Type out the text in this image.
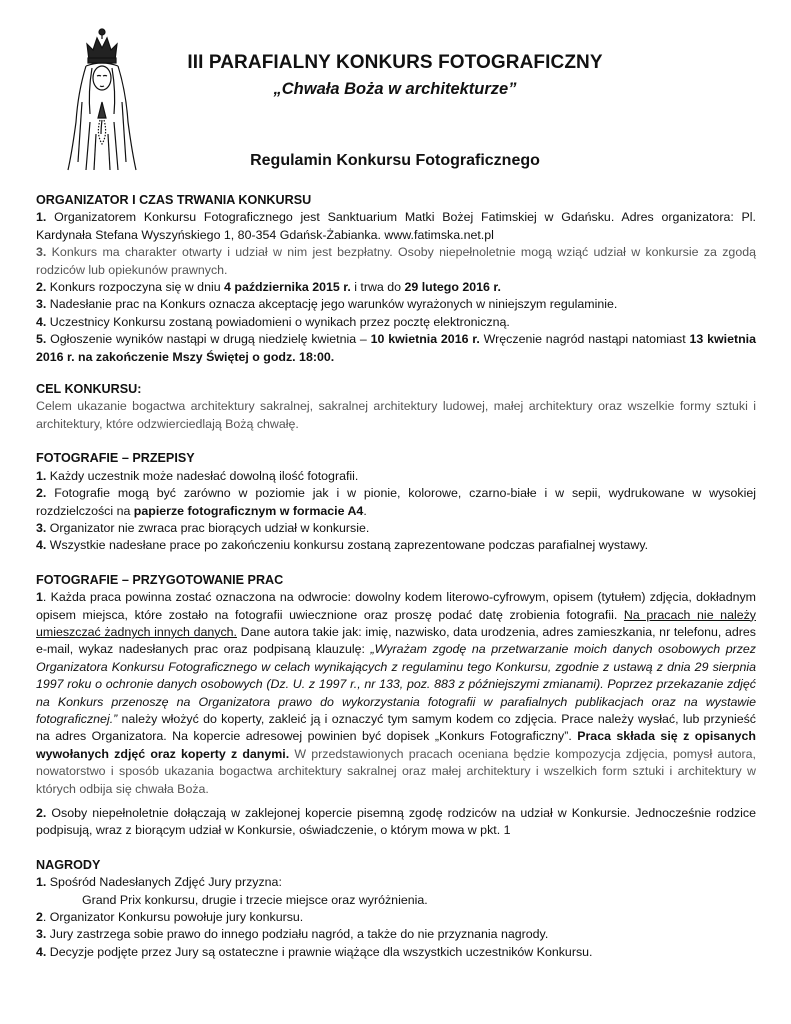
III PARAFIALNY KONKURS FOTOGRAFICZNY
„Chwała Boża w architekturze”
Regulamin Konkursu Fotograficznego
ORGANIZATOR I CZAS TRWANIA KONKURSU

1. Organizatorem Konkursu Fotograficznego jest Sanktuarium Matki Bożej Fatimskiej w Gdańsku. Adres organizatora: Pl. Kardynała Stefana Wyszyńskiego 1, 80-354 Gdańsk-Żabianka. www.fatimska.net.pl

3. Konkurs ma charakter otwarty i udział w nim jest bezpłatny. Osoby niepełnoletnie mogą wziąć udział w konkursie za zgodą rodziców lub opiekunów prawnych.

2. Konkurs rozpoczyna się w dniu 4 października 2015 r. i trwa do 29 lutego 2016 r.

3. Nadesłanie prac na Konkurs oznacza akceptację jego warunków wyrażonych w niniejszym regulaminie.

4. Uczestnicy Konkursu zostaną powiadomieni o wynikach przez pocztę elektroniczną.

5. Ogłoszenie wyników nastąpi w drugą niedzielę kwietnia – 10 kwietnia 2016 r. Wręczenie nagród nastąpi natomiast 13 kwietnia 2016 r. na zakończenie Mszy Świętej o godz. 18:00.

CEL KONKURSU:

Celem ukazanie bogactwa architektury sakralnej, sakralnej architektury ludowej, małej architektury oraz wszelkie formy sztuki i architektury, które odzwierciedlają Bożą chwałę.

FOTOGRAFIE – PRZEPISY

1. Każdy uczestnik może nadesłać dowolną ilość fotografii.

2. Fotografie mogą być zarówno w poziomie jak i w pionie, kolorowe, czarno-białe i w sepii, wydrukowane w wysokiej rozdzielczości na papierze fotograficznym w formacie A4.

3. Organizator nie zwraca prac biorących udział w konkursie.

4. Wszystkie nadesłane prace po zakończeniu konkursu zostaną zaprezentowane podczas parafialnej wystawy.

FOTOGRAFIE – PRZYGOTOWANIE PRAC

1. Każda praca powinna zostać oznaczona na odwrocie: dowolny kodem literowo-cyfrowym, opisem (tytułem) zdjęcia, dokładnym opisem miejsca, które zostało na fotografii uwiecznione oraz proszę podać datę zrobienia fotografii. Na pracach nie należy umieszczać żadnych innych danych. Dane autora takie jak: imię, nazwisko, data urodzenia, adres zamieszkania, nr telefonu, adres e-mail, wykaz nadesłanych prac oraz podpisaną klauzulę: „Wyrażam zgodę na przetwarzanie moich danych osobowych przez Organizatora Konkursu Fotograficznego w celach wynikających z regulaminu tego Konkursu, zgodnie z ustawą z dnia 29 sierpnia 1997 roku o ochronie danych osobowych (Dz. U. z 1997 r., nr 133, poz. 883 z późniejszymi zmianami). Poprzez przekazanie zdjęć na Konkurs przenoszę na Organizatora prawo do wykorzystania fotografii w parafialnych publikacjach oraz na wystawie fotograficznej.” należy włożyć do koperty, zakleić ją i oznaczyć tym samym kodem co zdjęcia. Prace należy wysłać, lub przynieść na adres Organizatora. Na kopercie adresowej powinien być dopisek „Konkurs Fotograficzny”. Praca składa się z opisanych wywołanych zdjęć oraz koperty z danymi. W przedstawionych pracach oceniana będzie kompozycja zdjęcia, pomysł autora, nowatorstwo i sposób ukazania bogactwa architektury sakralnej oraz małej architektury i wszelkich form sztuki i architektury w których odbija się chwała Boża.

2. Osoby niepełnoletnie dołączają w zaklejonej kopercie pisemną zgodę rodziców na udział w Konkursie. Jednocześnie rodzice podpisują, wraz z biorącym udział w Konkursie, oświadczenie, o którym mowa w pkt. 1

NAGRODY

1. Spośród Nadesłanych Zdjęć Jury przyzna:

Grand Prix konkursu, drugie i trzecie miejsce oraz wyróżnienia.

2. Organizator Konkursu powołuje jury konkursu.

3. Jury zastrzega sobie prawo do innego podziału nagród, a także do nie przyznania nagrody.

4. Decyzje podjęte przez Jury są ostateczne i prawnie wiążące dla wszystkich uczestników Konkursu.
